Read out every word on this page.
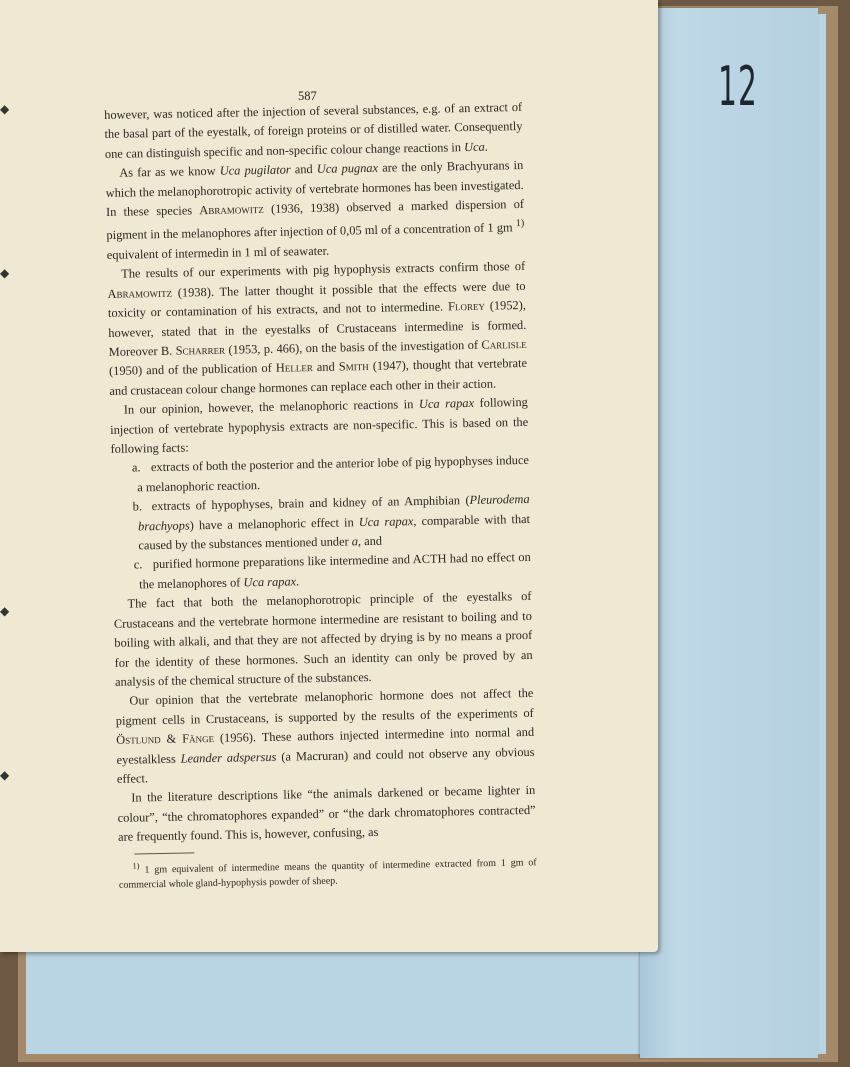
12
◆
◆
◆
◆
587

however, was noticed after the injection of several substances, e.g. of an extract of the basal part of the eyestalk, of foreign proteins or of distilled water. Consequently one can distinguish specific and non-specific colour change reactions in Uca.

As far as we know Uca pugilator and Uca pugnax are the only Brachyurans in which the melanophorotropic activity of vertebrate hormones has been investigated. In these species Abramowitz (1936, 1938) observed a marked dispersion of pigment in the melanophores after injection of 0,05 ml of a concentration of 1 gm $^{1)}$ equivalent of intermedin in 1 ml of seawater.

The results of our experiments with pig hypophysis extracts confirm those of Abramowitz (1938). The latter thought it possible that the effects were due to toxicity or contamination of his extracts, and not to intermedine. Florey (1952), however, stated that in the eyestalks of Crustaceans intermedine is formed. Moreover B. Scharrer (1953, p. 466), on the basis of the investigation of Carlisle (1950) and of the publication of Heller and Smith (1947), thought that vertebrate and crustacean colour change hormones can replace each other in their action.

In our opinion, however, the melanophoric reactions in Uca rapax following injection of vertebrate hypophysis extracts are non-specific. This is based on the following facts:

a. extracts of both the posterior and the anterior lobe of pig hypophyses induce a melanophoric reaction.

b. extracts of hypophyses, brain and kidney of an Amphibian (Pleurodema brachyops) have a melanophoric effect in Uca rapax, comparable with that caused by the substances mentioned under a, and

c. purified hormone preparations like intermedine and ACTH had no effect on the melanophores of Uca rapax.

The fact that both the melanophorotropic principle of the eyestalks of Crustaceans and the vertebrate hormone intermedine are resistant to boiling and to boiling with alkali, and that they are not affected by drying is by no means a proof for the identity of these hormones. Such an identity can only be proved by an analysis of the chemical structure of the substances.

Our opinion that the vertebrate melanophoric hormone does not affect the pigment cells in Crustaceans, is supported by the results of the experiments of Östlund & Fänge (1956). These authors injected intermedine into normal and eyestalkless Leander adspersus (a Macruran) and could not observe any obvious effect.

In the literature descriptions like “the animals darkened or became lighter in colour”, “the chromatophores expanded” or “the dark chromatophores contracted” are frequently found. This is, however, confusing, as

$^{1)}$ 1 gm equivalent of intermedine means the quantity of intermedine extracted from 1 gm of commercial whole gland-hypophysis powder of sheep.
